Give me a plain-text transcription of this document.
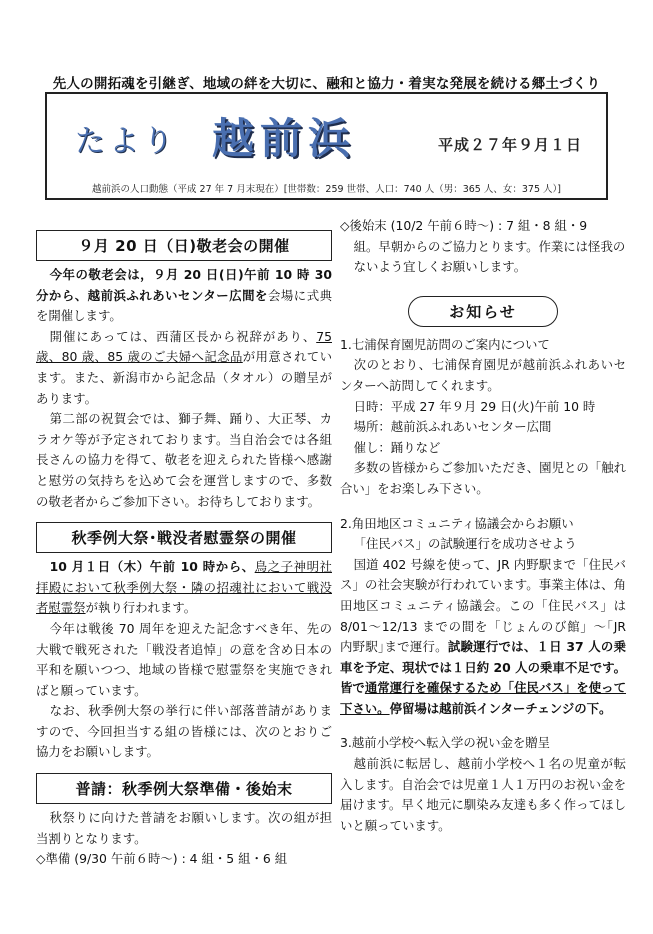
先人の開拓魂を引継ぎ、地域の絆を大切に、融和と協力・着実な発展を続ける郷土づくり
たより 越前浜	平成２７年９月１日
越前浜の人口動態（平成 27 年 7 月末現在）[世帯数：259 世帯、人口：740 人（男：365 人、女：375 人）]
９月 20 日（日)敬老会の開催

今年の敬老会は，９月 20 日(日)午前 10 時 30 分から、越前浜ふれあいセンター広間を会場に式典を開催します。

開催にあっては、西蒲区長から祝辞があり、75 歳、80 歳、85 歳のご夫婦へ記念品が用意されています。また、新潟市から記念品（タオル）の贈呈があります。

第二部の祝賀会では、獅子舞、踊り、大正琴、カラオケ等が予定されております。当自治会では各組長さんの協力を得て、敬老を迎えられた皆様へ感謝と慰労の気持ちを込めて会を運営しますので、多数の敬老者からご参加下さい。お待ちしております。

秋季例大祭･戦没者慰霊祭の開催

10 月１日（木）午前 10 時から、鳥之子神明社拝殿において秋季例大祭・隣の招魂社において戦没者慰霊祭が執り行われます。

今年は戦後 70 周年を迎えた記念すべき年、先の大戦で戦死された「戦没者追悼」の意を含め日本の平和を願いつつ、地域の皆様で慰霊祭を実施できればと願っています。

なお、秋季例大祭の挙行に伴い部落普請がありますので、今回担当する組の皆様には、次のとおりご協力をお願いします。

普請：秋季例大祭準備・後始末

秋祭りに向けた普請をお願いします。次の組が担当割りとなります。

◇準備 (9/30 午前６時～) : 4 組・5 組・6 組
◇後始末 (10/2 午前６時～) : 7 組・8 組・9
組。早朝からのご協力とります。作業には怪我のないよう宜しくお願いします。
お知らせ
1.七浦保育園児訪問のご案内について

次のとおり、七浦保育園児が越前浜ふれあいセンターへ訪問してくれます。

日時：平成 27 年９月 29 日(火)午前 10 時
場所：越前浜ふれあいセンター広間
催し：踊りなど

多数の皆様からご参加いただき、園児との「触れ合い」をお楽しみ下さい。

2.角田地区コミュニティ協議会からお願い
「住民バス」の試験運行を成功させよう

国道 402 号線を使って、JR 内野駅まで「住民バス」の社会実験が行われています。事業主体は、角田地区コミュニティ協議会。この「住民バス」は 8/01～12/13 までの間を「じょんのび館」～｢JR 内野駅｣まで運行。試験運行では、１日 37 人の乗車を予定、現状では１日約 20 人の乗車不足です。皆で通常運行を確保するため「住民バス」を使って下さい。停留場は越前浜インターチェンジの下。

3.越前小学校へ転入学の祝い金を贈呈

越前浜に転居し、越前小学校へ１名の児童が転入します。自治会では児童１人１万円のお祝い金を届けます。早く地元に馴染み友達も多く作ってほしいと願っています。
